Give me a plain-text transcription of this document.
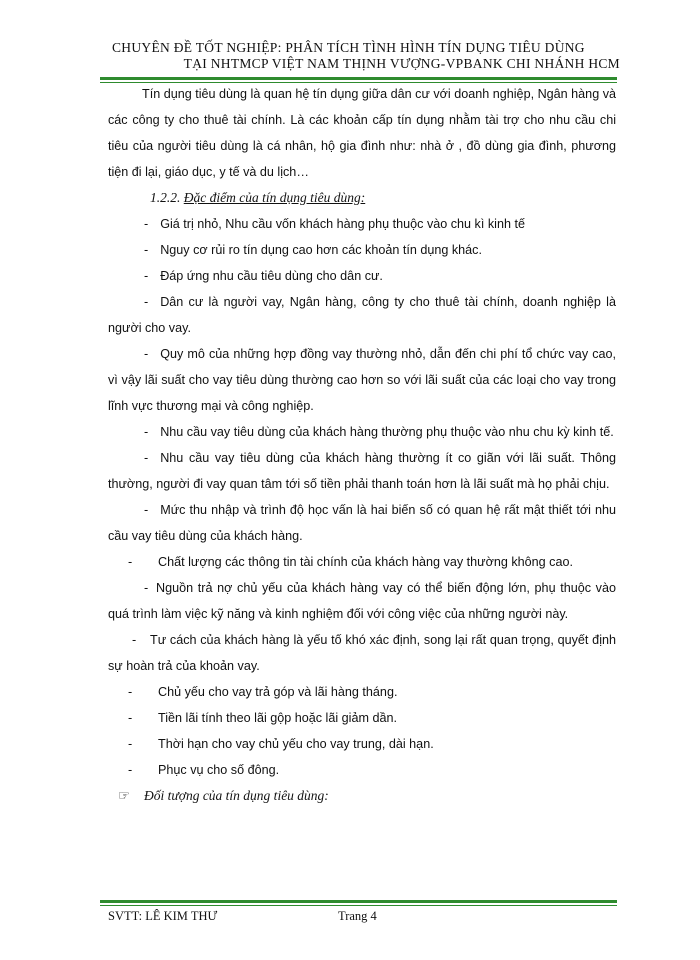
CHUYÊN ĐỀ TỐT NGHIỆP: PHÂN TÍCH TÌNH HÌNH TÍN DỤNG TIÊU DÙNG
TẠI NHTMCP VIỆT NAM THỊNH VƯỢNG-VPBANK CHI NHÁNH HCM

Tín dụng tiêu dùng là quan hệ tín dụng giữa dân cư với doanh nghiệp, Ngân hàng và các công ty cho thuê tài chính. Là các khoản cấp tín dụng nhằm tài trợ cho nhu cầu chi tiêu của người tiêu dùng là cá nhân, hộ gia đình như: nhà ở , đồ dùng gia đình, phương tiện đi lại, giáo dục, y tế và du lịch…

1.2.2. Đặc điểm của tín dụng tiêu dùng:

- Giá trị nhỏ, Nhu cầu vốn khách hàng phụ thuộc vào chu kì kinh tế

- Nguy cơ rủi ro tín dụng cao hơn các khoản tín dụng khác.

- Đáp ứng nhu cầu tiêu dùng cho dân cư.

- Dân cư là người vay, Ngân hàng, công ty cho thuê tài chính, doanh nghiệp là người cho vay.

- Quy mô của những hợp đồng vay thường nhỏ, dẫn đến chi phí tổ chức vay cao, vì vậy lãi suất cho vay tiêu dùng thường cao hơn so với lãi suất của các loại cho vay trong lĩnh vực thương mại và công nghiệp.

- Nhu cầu vay tiêu dùng của khách hàng thường phụ thuộc vào nhu chu kỳ kinh tế.

- Nhu cầu vay tiêu dùng của khách hàng thường ít co giãn với lãi suất. Thông thường, người đi vay quan tâm tới số tiền phải thanh toán hơn là lãi suất mà họ phải chịu.

- Mức thu nhập và trình độ học vấn là hai biến số có quan hệ rất mật thiết tới nhu cầu vay tiêu dùng của khách hàng.

- Chất lượng các thông tin tài chính của khách hàng vay thường không cao.

- Nguồn trả nợ chủ yếu của khách hàng vay có thể biến động lớn, phụ thuộc vào quá trình làm việc kỹ năng và kinh nghiệm đối với công việc của những người này.

- Tư cách của khách hàng là yếu tố khó xác định, song lại rất quan trọng, quyết định sự hoàn trả của khoản vay.

- Chủ yếu cho vay trả góp và lãi hàng tháng.

- Tiền lãi tính theo lãi gộp hoặc lãi giảm dần.

- Thời hạn cho vay chủ yếu cho vay trung, dài hạn.

- Phục vụ cho số đông.

☞ Đối tượng của tín dụng tiêu dùng:

SVTT: LÊ KIM THƯ	Trang 4
